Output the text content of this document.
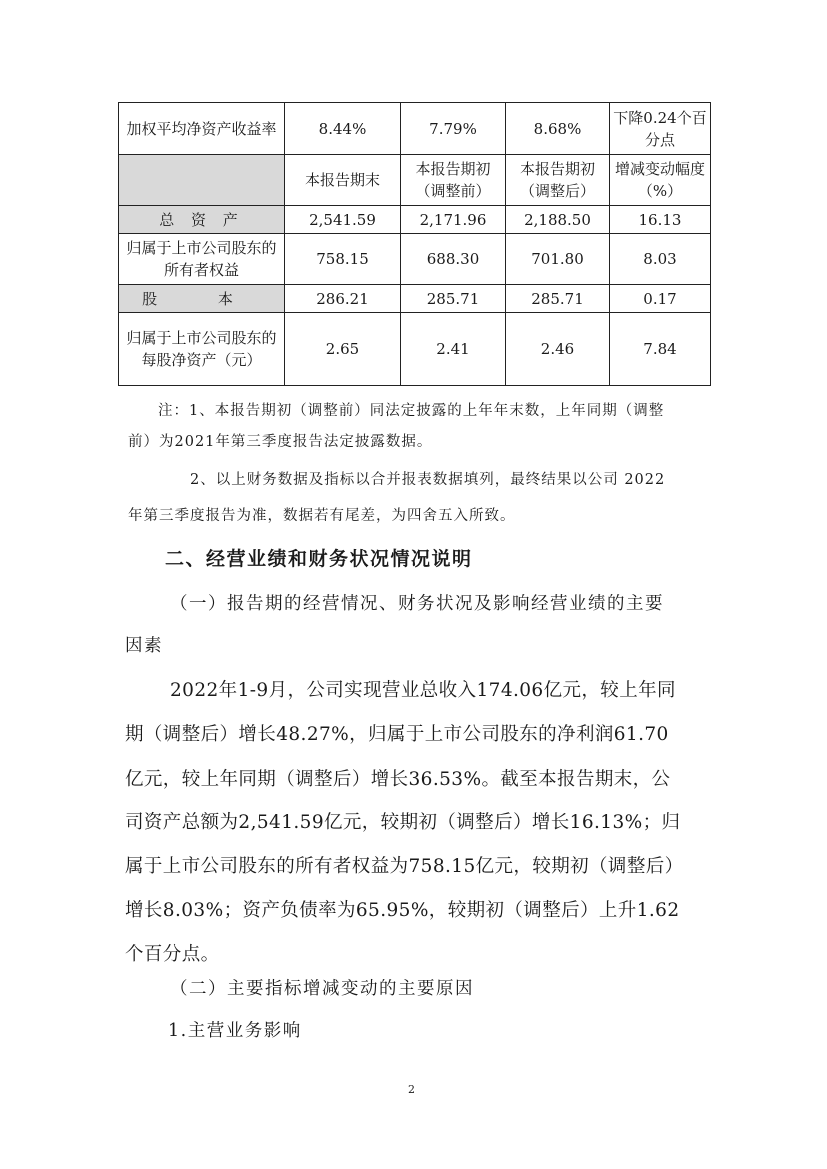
加权平均净资产收益率	8.44%	7.79%	8.68%	下降0.24个百分点
	本报告期末	本报告期初（调整前）	本报告期初（调整后）	增减变动幅度（%）
总 资 产	2,541.59	2,171.96	2,188.50	16.13
归属于上市公司股东的所有者权益	758.15	688.30	701.80	8.03
股 本	286.21	285.71	285.71	0.17
归属于上市公司股东的每股净资产（元）	2.65	2.41	2.46	7.84
注：1、本报告期初（调整前）同法定披露的上年年末数，上年同期（调整
前）为2021年第三季度报告法定披露数据。
2、以上财务数据及指标以合并报表数据填列，最终结果以公司 2022
年第三季度报告为准，数据若有尾差，为四舍五入所致。
二、经营业绩和财务状况情况说明
（一）报告期的经营情况、财务状况及影响经营业绩的主要
因素
2022年1-9月，公司实现营业总收入174.06亿元，较上年同
期（调整后）增长48.27%，归属于上市公司股东的净利润61.70
亿元，较上年同期（调整后）增长36.53%。截至本报告期末，公
司资产总额为2,541.59亿元，较期初（调整后）增长16.13%；归
属于上市公司股东的所有者权益为758.15亿元，较期初（调整后）
增长8.03%；资产负债率为65.95%，较期初（调整后）上升1.62
个百分点。
（二）主要指标增减变动的主要原因
1.主营业务影响
2
